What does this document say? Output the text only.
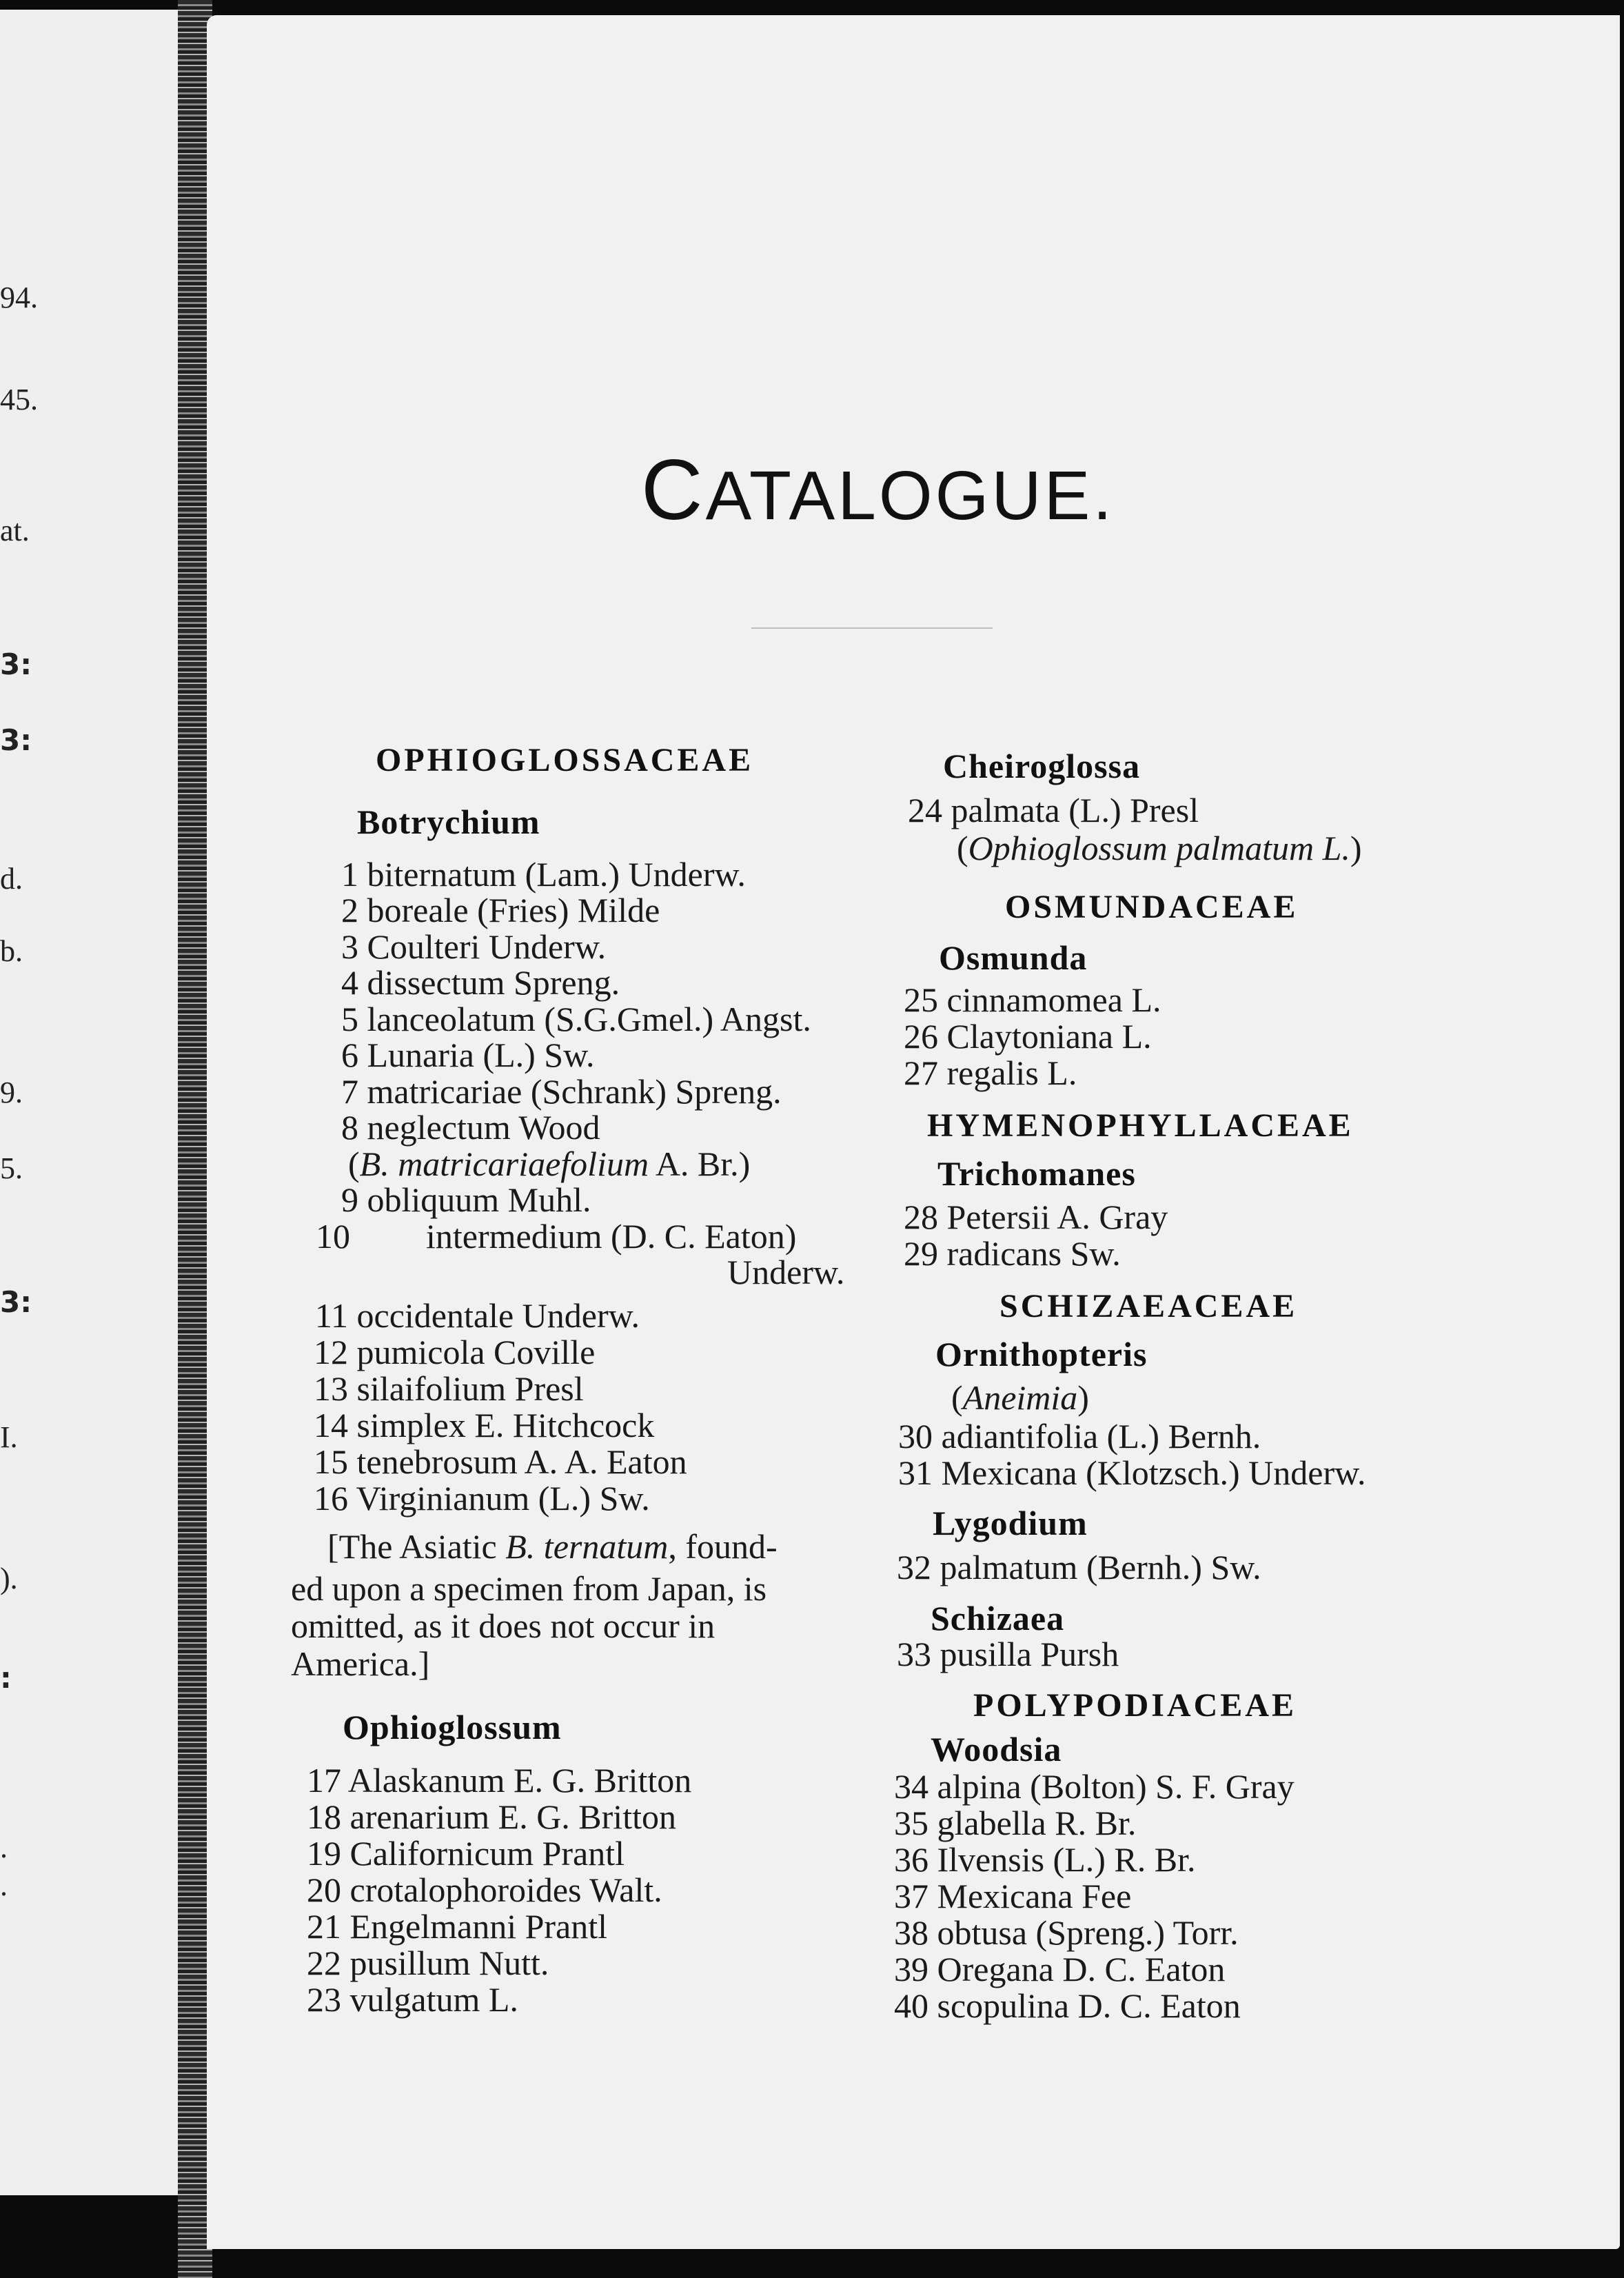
94.
45.
at.
3:
3:
d.
b.
9.
5.
3:
I.
).
:
.
.
CATALOGUE.
OPHIOGLOSSACEAE
Botrychium
1 biternatum (Lam.) Underw.
2 boreale (Fries) Milde
3 Coulteri Underw.
4 dissectum Spreng.
5 lanceolatum (S.G.Gmel.) Angst.
6 Lunaria (L.) Sw.
7 matricariae (Schrank) Spreng.
8 neglectum Wood
(B. matricariaefolium A. Br.)
9 obliquum Muhl.
10 intermedium (D. C. Eaton)
Underw.
11 occidentale Underw.
12 pumicola Coville
13 silaifolium Presl
14 simplex E. Hitchcock
15 tenebrosum A. A. Eaton
16 Virginianum (L.) Sw.
[The Asiatic B. ternatum, found-
ed upon a specimen from Japan, is
omitted, as it does not occur in
America.]
Ophioglossum
17 Alaskanum E. G. Britton
18 arenarium E. G. Britton
19 Californicum Prantl
20 crotalophoroides Walt.
21 Engelmanni Prantl
22 pusillum Nutt.
23 vulgatum L.
Cheiroglossa
24 palmata (L.) Presl
(Ophioglossum palmatum L.)
OSMUNDACEAE
Osmunda
25 cinnamomea L.
26 Claytoniana L.
27 regalis L.
HYMENOPHYLLACEAE
Trichomanes
28 Petersii A. Gray
29 radicans Sw.
SCHIZAEACEAE
Ornithopteris
(Aneimia)
30 adiantifolia (L.) Bernh.
31 Mexicana (Klotzsch.) Underw.
Lygodium
32 palmatum (Bernh.) Sw.
Schizaea
33 pusilla Pursh
POLYPODIACEAE
Woodsia
34 alpina (Bolton) S. F. Gray
35 glabella R. Br.
36 Ilvensis (L.) R. Br.
37 Mexicana Fee
38 obtusa (Spreng.) Torr.
39 Oregana D. C. Eaton
40 scopulina D. C. Eaton
